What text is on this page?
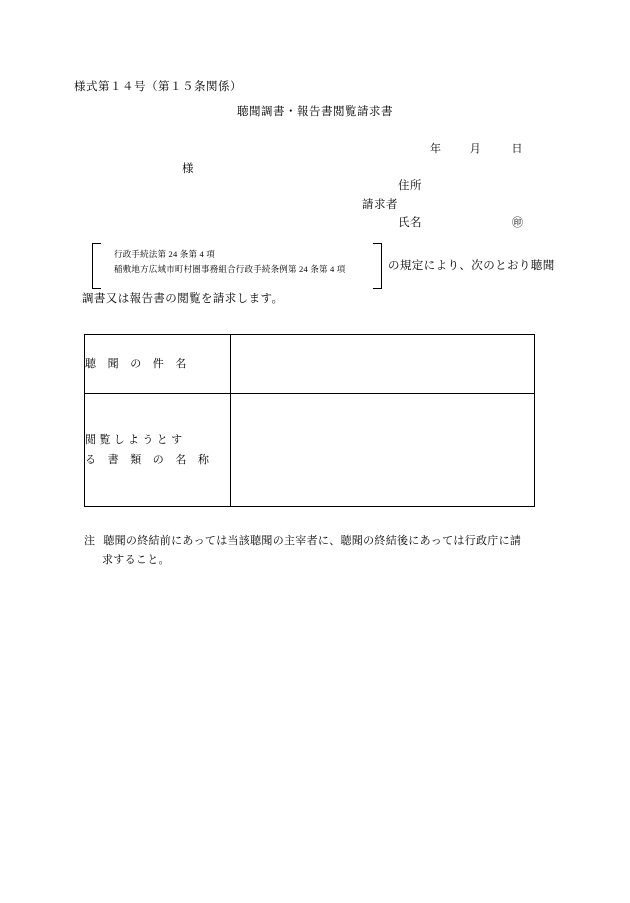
様式第１４号（第１５条関係）
聴聞調書・報告書閲覧請求書
年	月	日
様
住所
請求者
氏名	㊞
行政手続法第 24 条第 4 項
稲敷地方広域市町村圏事務組合行政手続条例第 24 条第 4 項	の規定により、次のとおり聴聞
調書又は報告書の閲覧を請求します。
聴　聞　の　件　名	

閲 覧 し よ う と す
る　書　類　の　名　称	

注 聴聞の終結前にあっては当該聴聞の主宰者に、聴聞の終結後にあっては行政庁に請
求すること。
